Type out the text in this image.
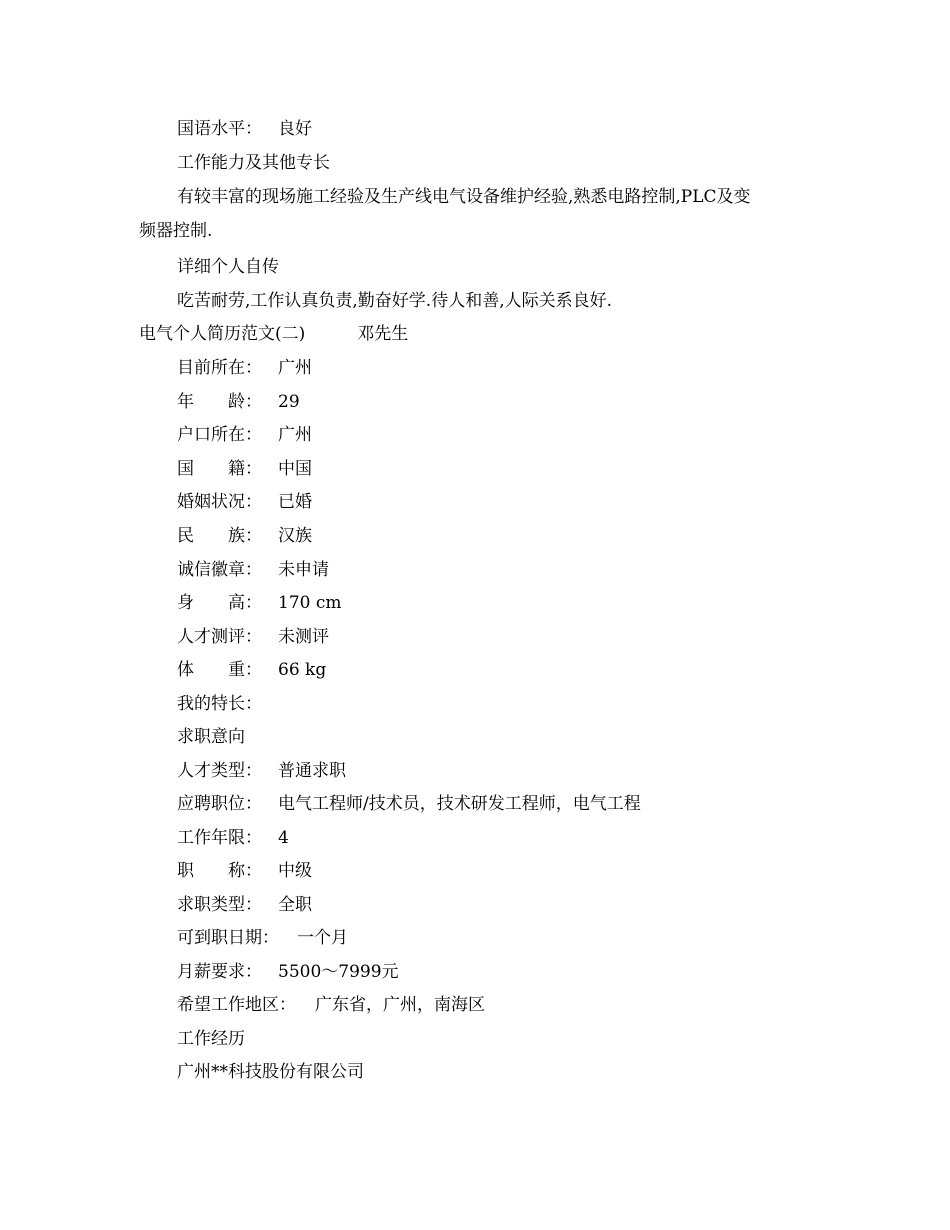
国语水平： 良好
工作能力及其他专长
有较丰富的现场施工经验及生产线电气设备维护经验,熟悉电路控制,PLC及变
频器控制.
详细个人自传
吃苦耐劳,工作认真负责,勤奋好学.待人和善,人际关系良好.
电气个人简历范文(二)	邓先生
目前所在： 广州
年　　龄： 29
户口所在： 广州
国　　籍： 中国
婚姻状况： 已婚
民　　族： 汉族
诚信徽章： 未申请
身　　高： 170 cm
人才测评： 未测评
体　　重： 66 kg
我的特长：
求职意向
人才类型： 普通求职
应聘职位： 电气工程师/技术员，技术研发工程师，电气工程
工作年限： 4
职　　称： 中级
求职类型： 全职
可到职日期： 一个月
月薪要求： 5500～7999元
希望工作地区： 广东省，广州，南海区
工作经历
广州**科技股份有限公司
